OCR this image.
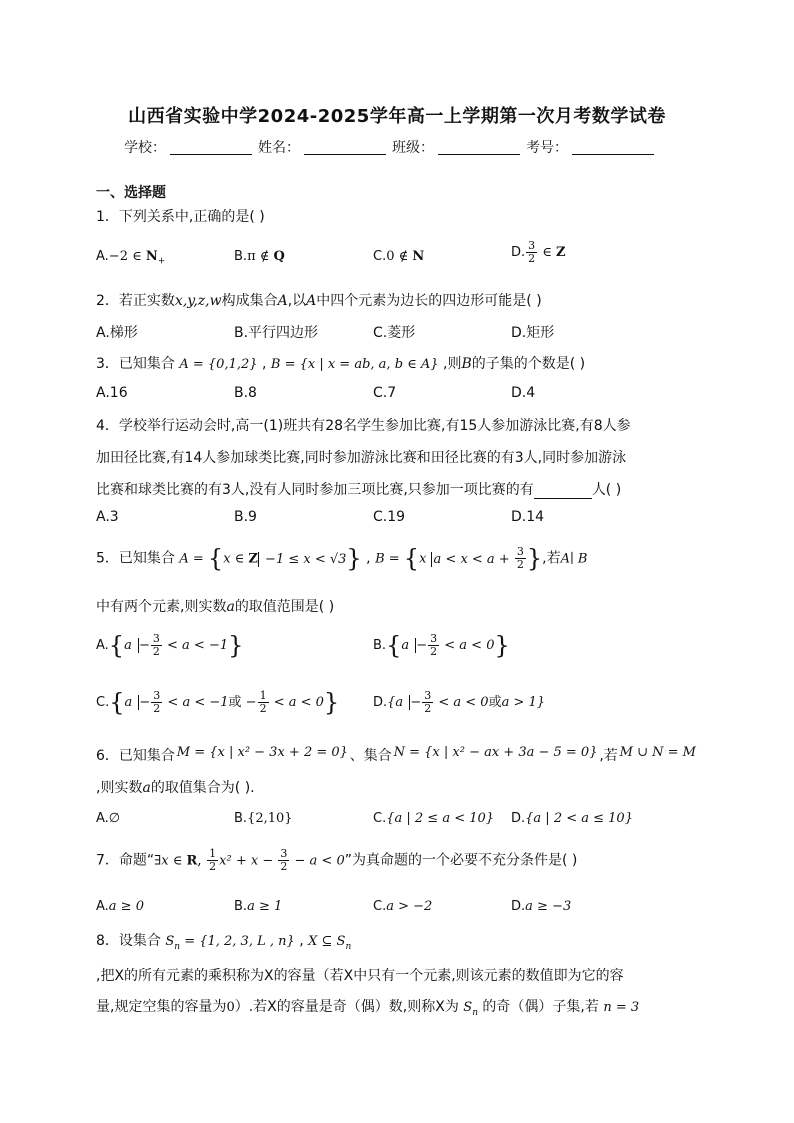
山西省实验中学2024-2025学年高一上学期第一次月考数学试卷
学校：	姓名：	班级：	考号：
一、选择题
1．下列关系中,正确的是( )
A.−2 ∈ $N_+$	B.π ∉ Q	C.0 ∉ N	D. $\frac{3}{2}$ ∈ Z
2．若正实数x,y,z,w构成集合A,以A中四个元素为边长的四边形可能是( )
A.梯形	B.平行四边形	C.菱形	D.矩形
3．已知集合 A = {0,1,2} , B = {x | x = ab, a, b ∈ A} ,则B的子集的个数是( )
A.16	B.8	C.7	D.4
4．学校举行运动会时,高一(1)班共有28名学生参加比赛,有15人参加游泳比赛,有8人参
加田径比赛,有14人参加球类比赛,同时参加游泳比赛和田径比赛的有3人,同时参加游泳
比赛和球类比赛的有3人,没有人同时参加三项比赛,只参加一项比赛的有	人( )
A.3	B.9	C.19	D.14
5．已知集合 A = {x ∈ Z −1 ≤ x < √3} , B = {x $a < x < a + \frac{3}{2}$ },若A∣ B
中有两个元素,则实数a的取值范围是( )
$A.\{a - \frac{3}{2} < a < -1\}$	$B.\{a - \frac{3}{2} < a < 0\}$
$C.\{a - \frac{3}{2} < a < -1$或 − $\frac{1}{2} < a < 0$}	$D.\{a - \frac{3}{2} < a < 0$或a > 1}
6．已知集合 M = {x | x² − 3x + 2 = 0} 、集合 N = {x | x² − ax + 3a − 5 = 0} ,若 M ∪ N = M
,则实数a的取值集合为( ).
A.∅	B.{2,10}	C.{a | 2 ≤ a < 10} D.{a | 2 < a ≤ 10}
7．命题“∃x ∈ R, $\frac{1}{2} x^2 + x - \frac{3}{2} - a < 0$”为真命题的一个必要不充分条件是( )
A.a ≥ 0	B.a ≥ 1	C.a > −2	D.a ≥ −3
8．设集合 $S_n = \{1$, 2, 3, L , n} , X ⊆ $S_n$
,把X的所有元素的乘积称为X的容量（若X中只有一个元素,则该元素的数值即为它的容
量,规定空集的容量为0）.若X的容量是奇（偶）数,则称X为 $S_n$ 的奇（偶）子集,若 n = 3
